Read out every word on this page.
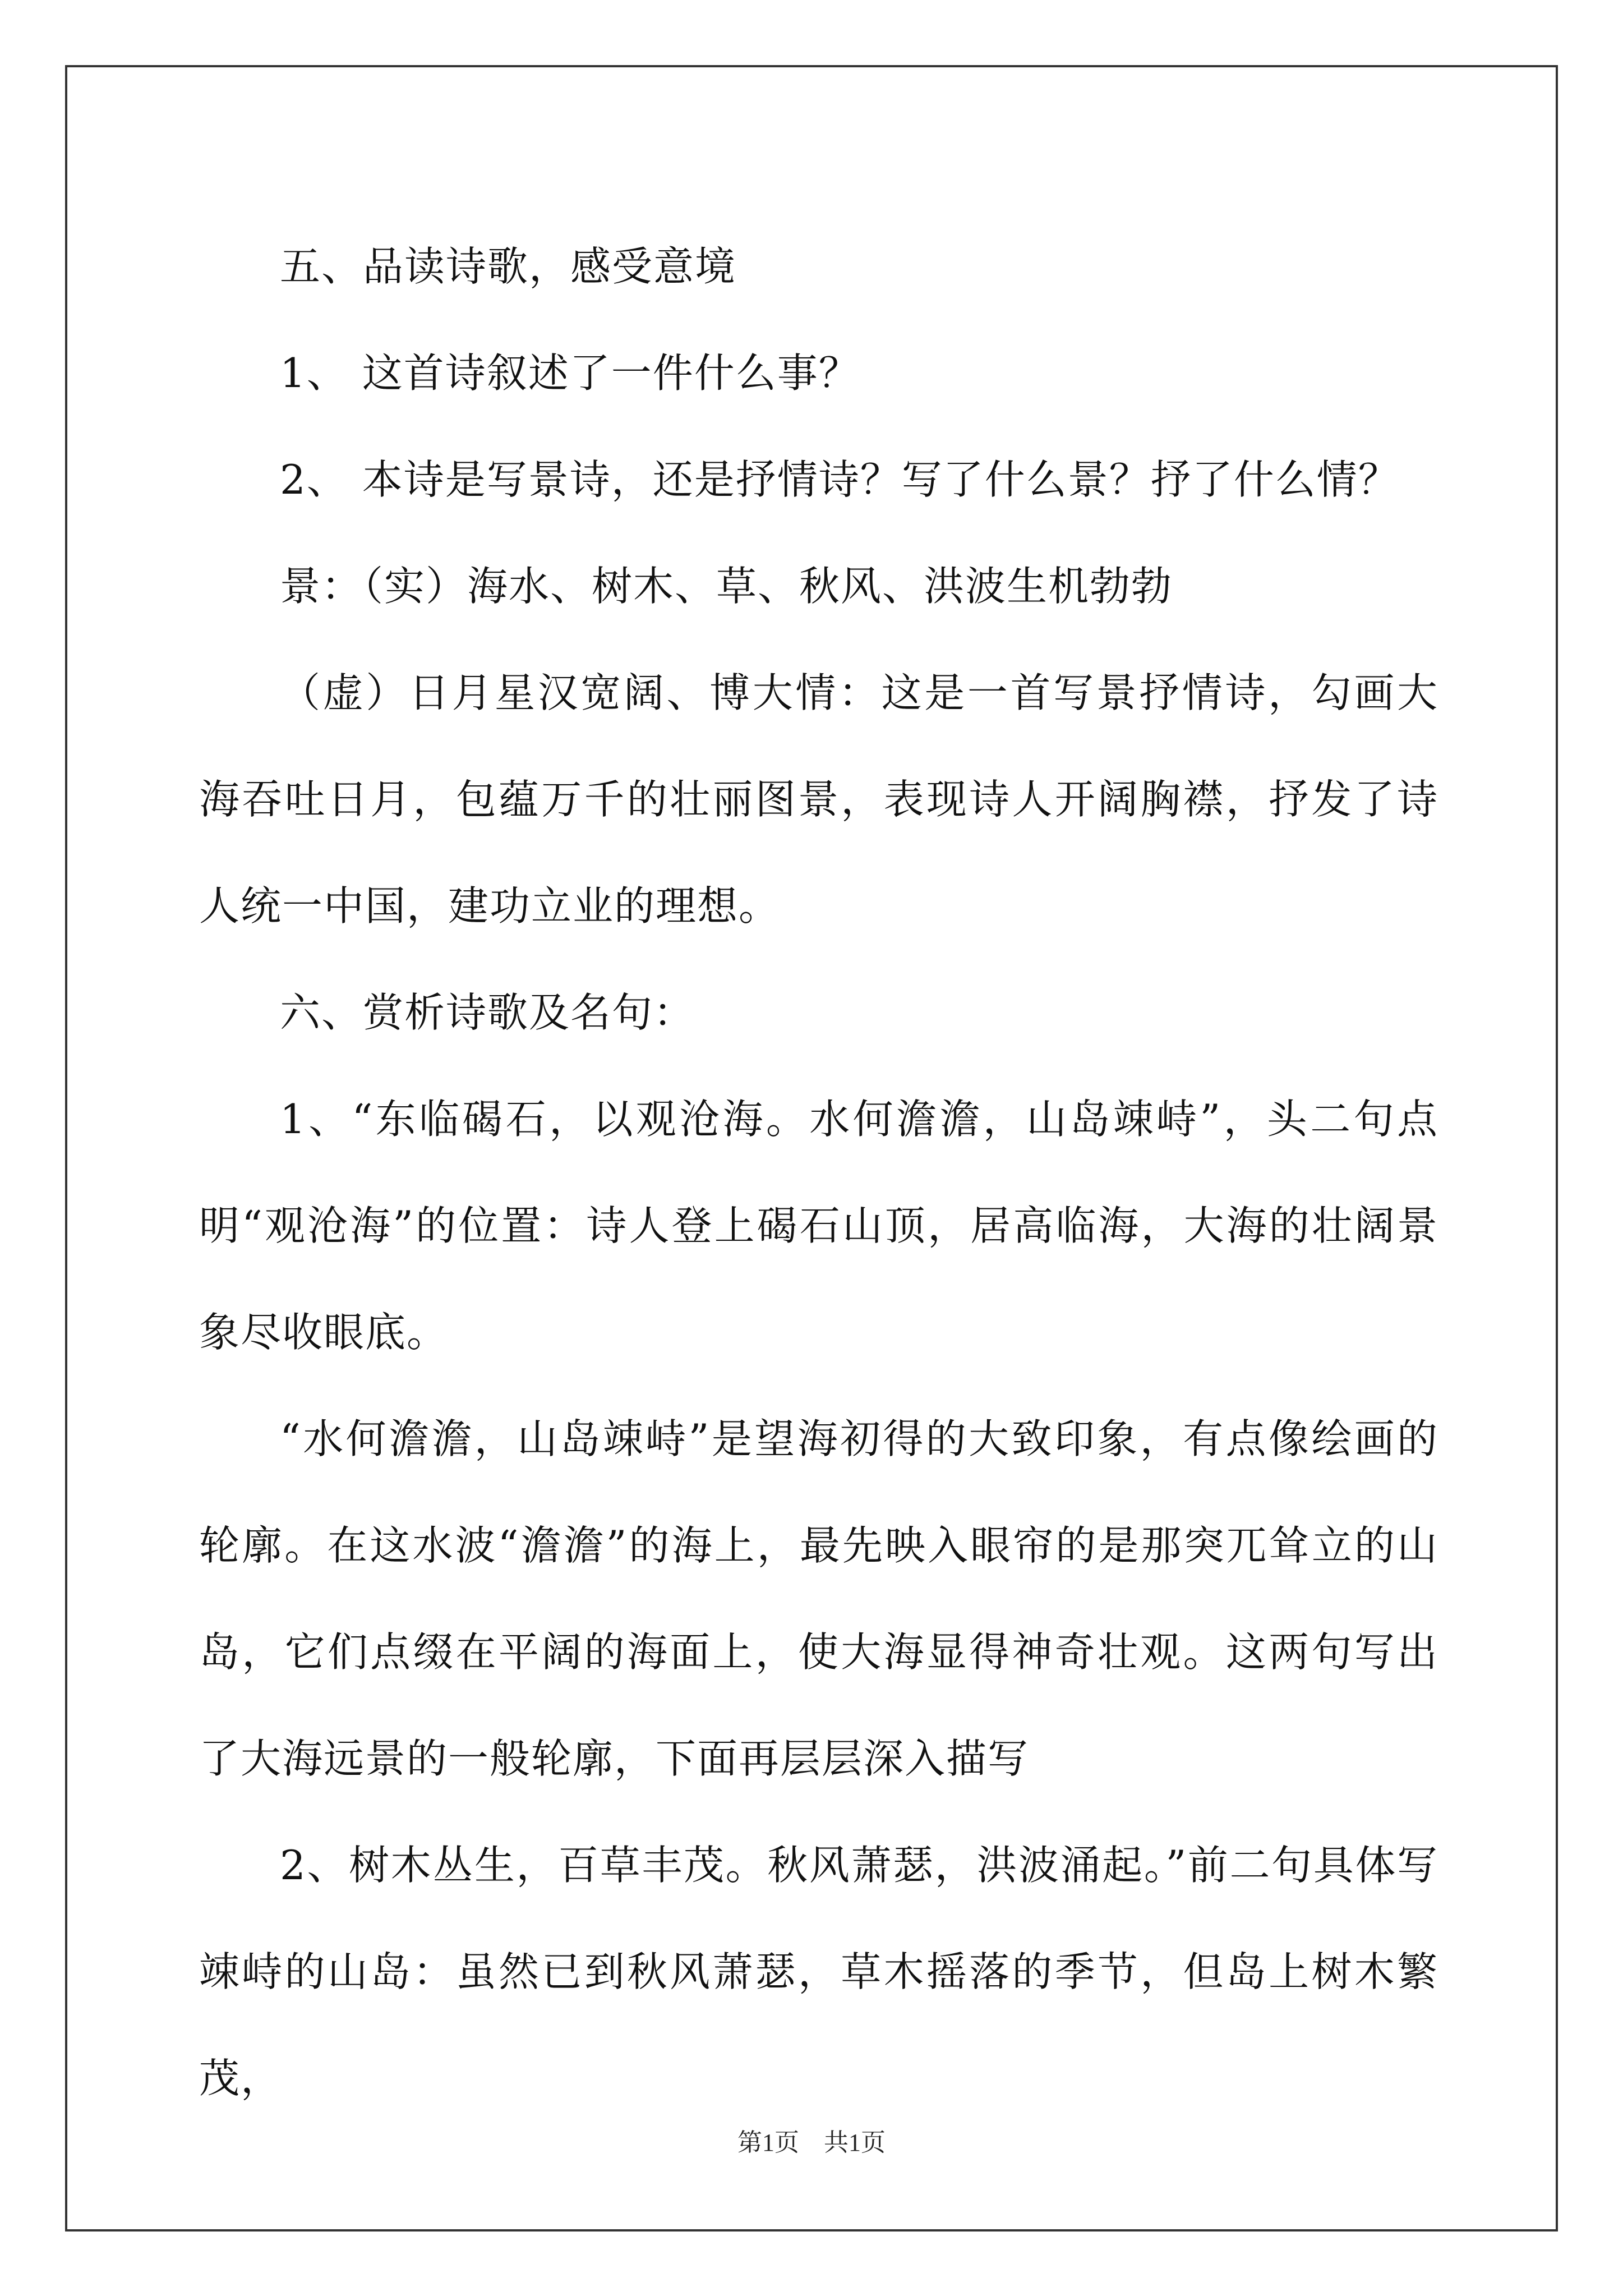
五、品读诗歌，感受意境

1、 这首诗叙述了一件什么事？

2、 本诗是写景诗，还是抒情诗？写了什么景？抒了什么情？

景：（实）海水、树木、草、秋风、洪波生机勃勃

（虚）日月星汉宽阔、博大情：这是一首写景抒情诗，勾画大海吞吐日月，包蕴万千的壮丽图景，表现诗人开阔胸襟，抒发了诗人统一中国，建功立业的理想。

六、赏析诗歌及名句：

1、“东临碣石，以观沧海。水何澹澹，山岛竦峙”，头二句点明“观沧海”的位置：诗人登上碣石山顶，居高临海，大海的壮阔景象尽收眼底。

“水何澹澹，山岛竦峙”是望海初得的大致印象，有点像绘画的轮廓。在这水波“澹澹”的海上，最先映入眼帘的是那突兀耸立的山岛，它们点缀在平阔的海面上，使大海显得神奇壮观。这两句写出了大海远景的一般轮廓，下面再层层深入描写

2、树木丛生，百草丰茂。秋风萧瑟，洪波涌起。”前二句具体写竦峙的山岛：虽然已到秋风萧瑟，草木摇落的季节，但岛上树木繁茂，

第1页　共1页
